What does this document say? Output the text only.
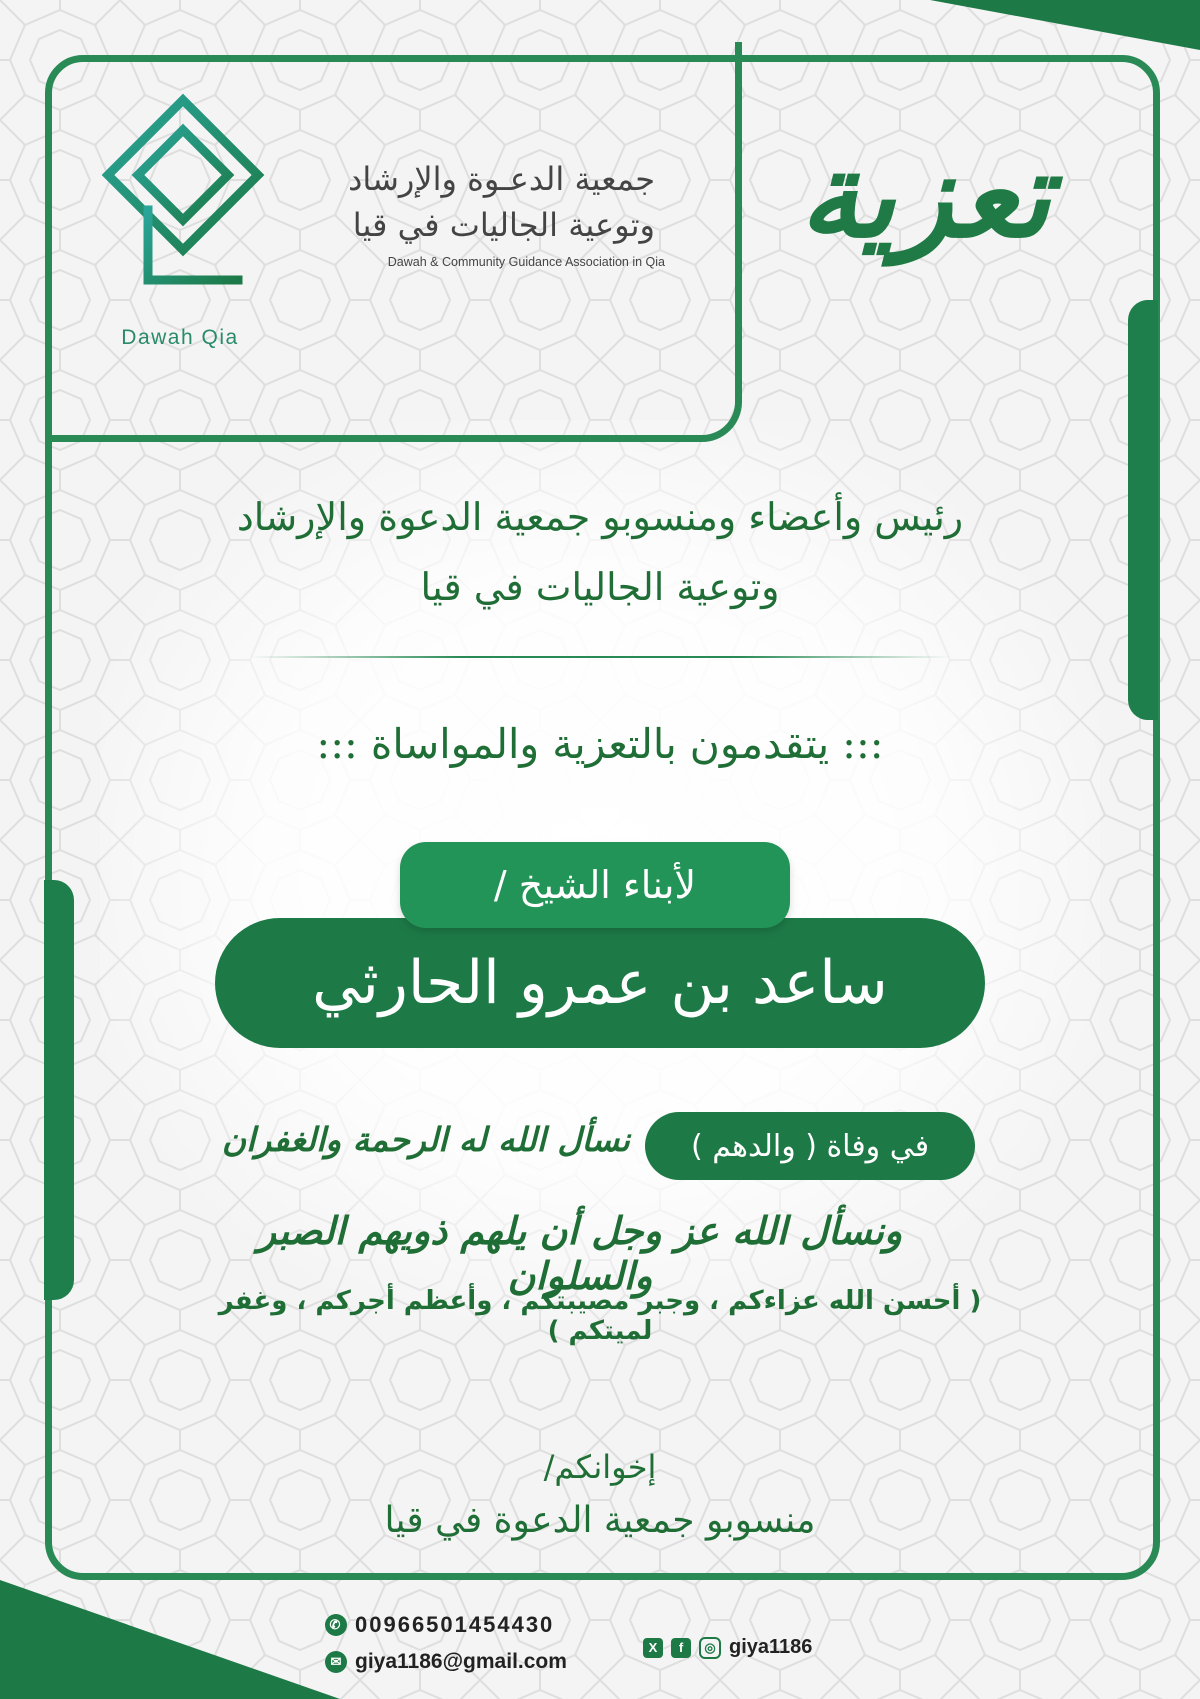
Dawah Qia
جمعية الدعـوة والإرشاد
وتوعية الجاليات في قيا
Dawah & Community Guidance Association in Qia	تعزية
رئيس وأعضاء ومنسوبو جمعية الدعوة والإرشاد
وتوعية الجاليات في قيا
::: يتقدمون بالتعزية والمواساة :::
ساعد بن عمرو الحارثي
لأبناء الشيخ /
في وفاة ( والدهم )
نسأل الله له الرحمة والغفران
ونسأل الله عز وجل أن يلهم ذويهم الصبر والسلوان
( أحسن الله عزاءكم ، وجبر مصيبتكم ، وأعظم أجركم ، وغفر لميتكم )
إخوانكم/
منسوبو جمعية الدعوة في قيا
✆ 00966501454430
✉ giya1186@gmail.com
X	f	◎ giya1186
